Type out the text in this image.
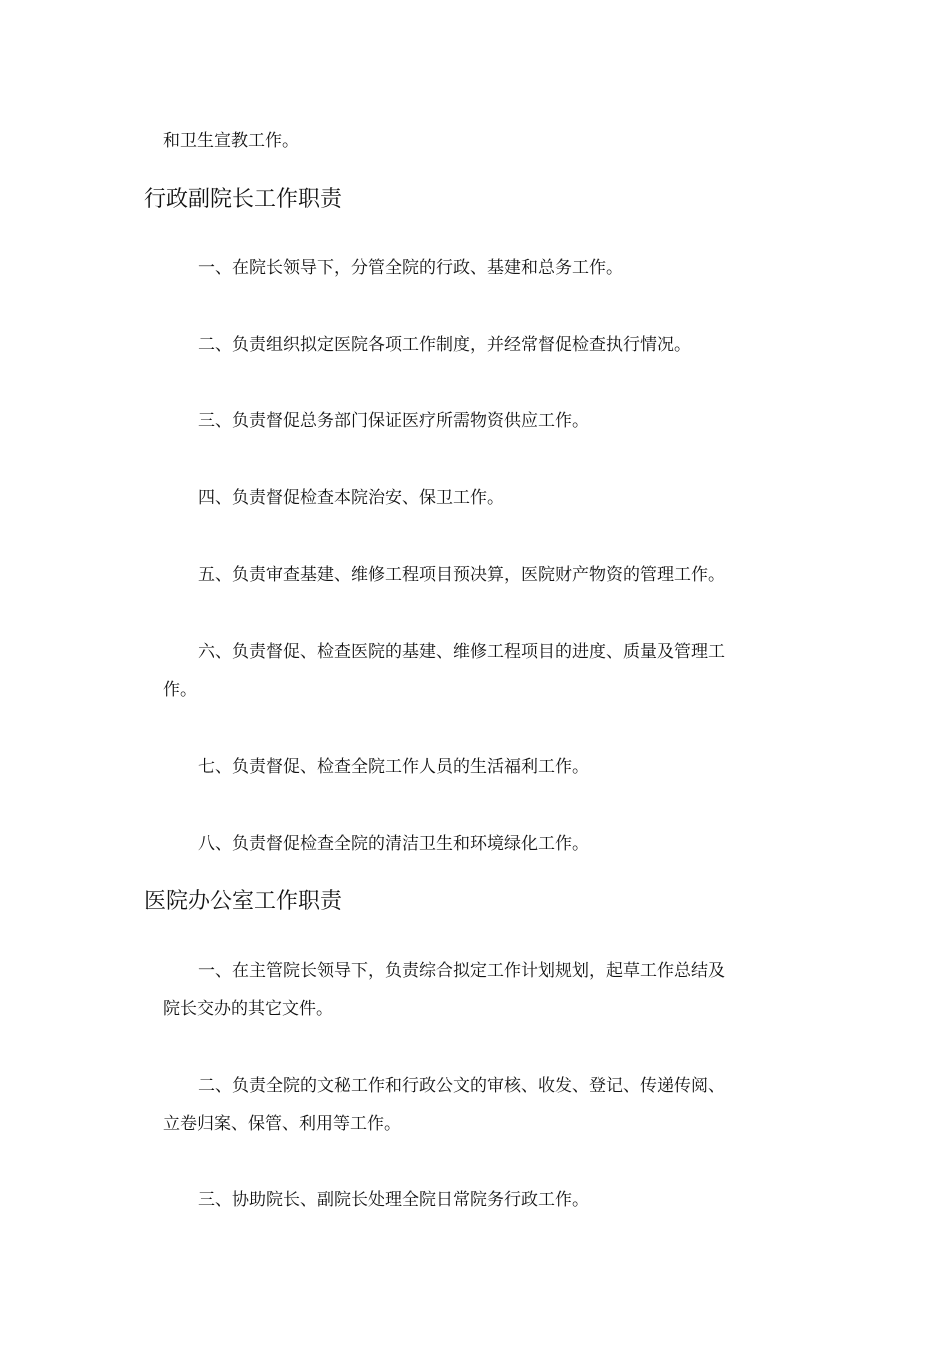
和卫生宣教工作。
行政副院长工作职责
一、在院长领导下，分管全院的行政、基建和总务工作。
二、负责组织拟定医院各项工作制度，并经常督促检查执行情况。
三、负责督促总务部门保证医疗所需物资供应工作。
四、负责督促检查本院治安、保卫工作。
五、负责审查基建、维修工程项目预决算，医院财产物资的管理工作。
六、负责督促、检查医院的基建、维修工程项目的进度、质量及管理工
作。
七、负责督促、检查全院工作人员的生活福利工作。
八、负责督促检查全院的清洁卫生和环境绿化工作。
医院办公室工作职责
一、在主管院长领导下，负责综合拟定工作计划规划，起草工作总结及
院长交办的其它文件。
二、负责全院的文秘工作和行政公文的审核、收发、登记、传递传阅、
立卷归案、保管、利用等工作。
三、协助院长、副院长处理全院日常院务行政工作。
